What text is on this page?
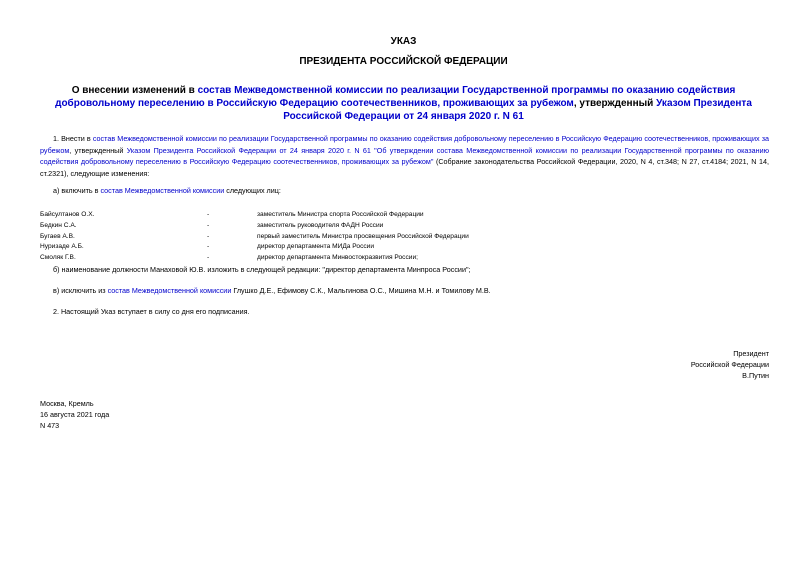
УКАЗ
ПРЕЗИДЕНТА РОССИЙСКОЙ ФЕДЕРАЦИИ
О внесении изменений в состав Межведомственной комиссии по реализации Государственной программы по оказанию содействия добровольному переселению в Российскую Федерацию соотечественников, проживающих за рубежом, утвержденный Указом Президента Российской Федерации от 24 января 2020 г. N 61
1. Внести в состав Межведомственной комиссии по реализации Государственной программы по оказанию содействия добровольному переселению в Российскую Федерацию соотечественников, проживающих за рубежом, утвержденный Указом Президента Российской Федерации от 24 января 2020 г. N 61 "Об утверждении состава Межведомственной комиссии по реализации Государственной программы по оказанию содействия добровольному переселению в Российскую Федерацию соотечественников, проживающих за рубежом" (Собрание законодательства Российской Федерации, 2020, N 4, ст.348; N 27, ст.4184; 2021, N 14, ст.2321), следующие изменения:
а) включить в состав Межведомственной комиссии следующих лиц:
Байсултанов О.Х.	-	заместитель Министра спорта Российской Федерации
Бедкин С.А.	-	заместитель руководителя ФАДН России
Бугаев А.В.	-	первый заместитель Министра просвещения Российской Федерации
Нуризаде А.Б.	-	директор департамента МИДа России
Смоляк Г.В.	-	директор департамента Минвостокразвития России;
б) наименование должности Манаховой Ю.В. изложить в следующей редакции: "директор департамента Минпроса России";
в) исключить из состав Межведомственной комиссии Глушко Д.Е., Ефимову С.К., Мальгинова О.С., Мишина М.Н. и Томилову М.В.
2. Настоящий Указ вступает в силу со дня его подписания.
Президент
Российской Федерации
В.Путин
Москва, Кремль
16 августа 2021 года
N 473
